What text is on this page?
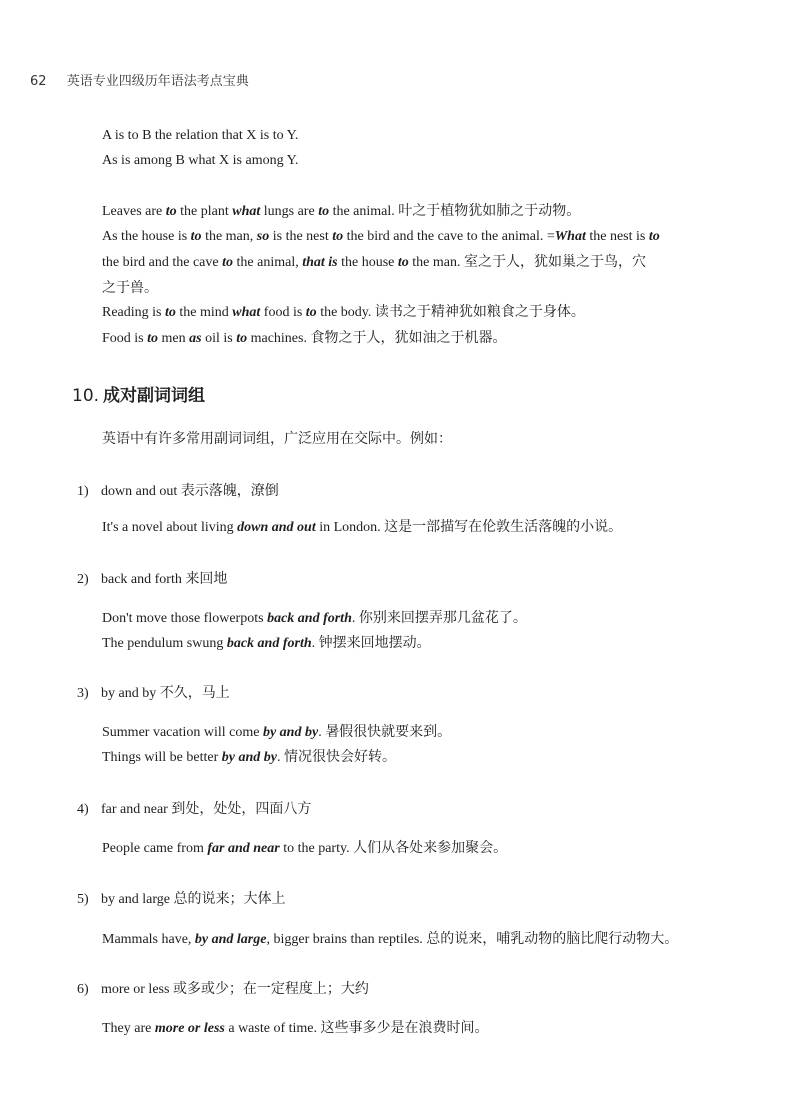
62 英语专业四级历年语法考点宝典
A is to B the relation that X is to Y.
As is among B what X is among Y.
Leaves are to the plant what lungs are to the animal. 叶之于植物犹如肺之于动物。
As the house is to the man, so is the nest to the bird and the cave to the animal. =What the nest is to
the bird and the cave to the animal, that is the house to the man. 室之于人，犹如巢之于鸟，穴
之于兽。
Reading is to the mind what food is to the body. 读书之于精神犹如粮食之于身体。
Food is to men as oil is to machines. 食物之于人，犹如油之于机器。
10. 成对副词词组
英语中有许多常用副词词组，广泛应用在交际中。例如：
1) down and out 表示落魄，潦倒
It's a novel about living down and out in London. 这是一部描写在伦敦生活落魄的小说。
2) back and forth 来回地
Don't move those flowerpots back and forth. 你别来回摆弄那几盆花了。
The pendulum swung back and forth. 钟摆来回地摆动。
3) by and by 不久，马上
Summer vacation will come by and by. 暑假很快就要来到。
Things will be better by and by. 情况很快会好转。
4) far and near 到处，处处，四面八方
People came from far and near to the party. 人们从各处来参加聚会。
5) by and large 总的说来；大体上
Mammals have, by and large, bigger brains than reptiles. 总的说来，哺乳动物的脑比爬行动物大。
6) more or less 或多或少；在一定程度上；大约
They are more or less a waste of time. 这些事多少是在浪费时间。
